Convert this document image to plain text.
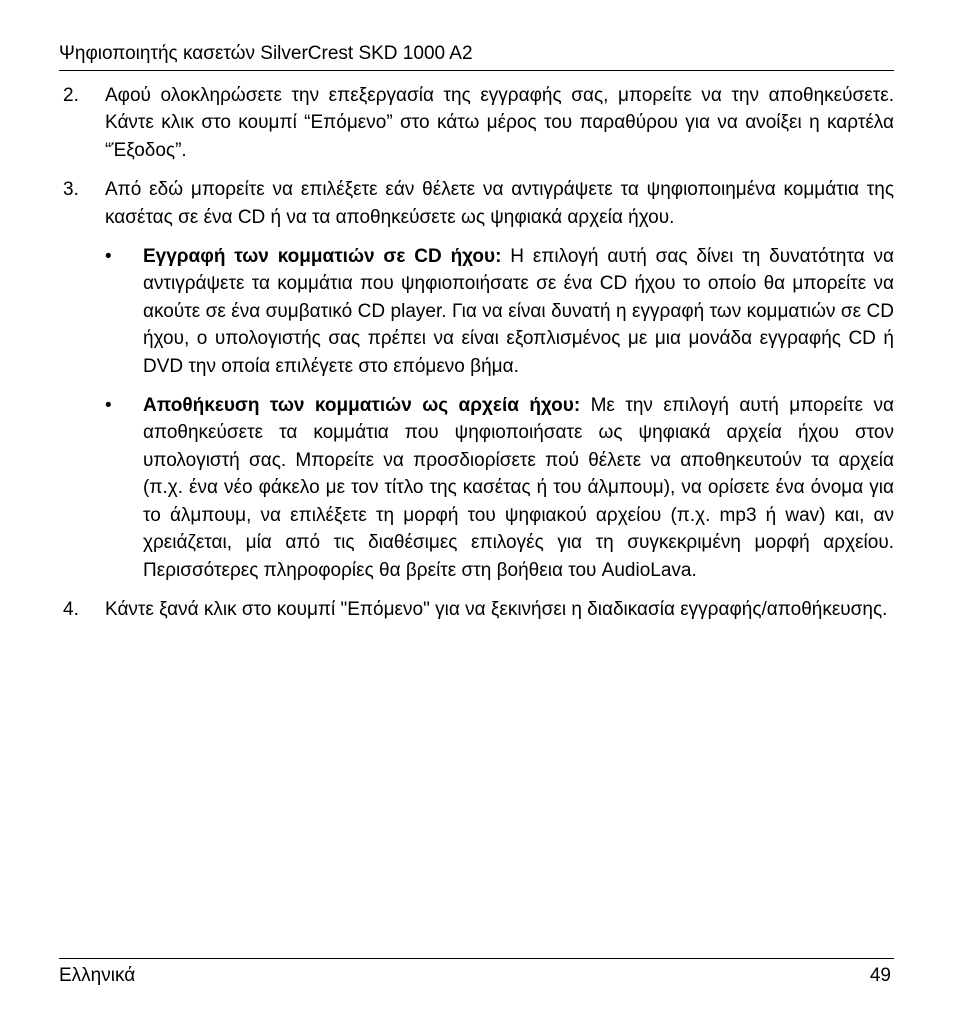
Ψηφιοποιητής κασετών SilverCrest SKD 1000 A2
2. Αφού ολοκληρώσετε την επεξεργασία της εγγραφής σας, μπορείτε να την αποθηκεύσετε. Κάντε κλικ στο κουμπί “Επόμενο” στο κάτω μέρος του παραθύρου για να ανοίξει η καρτέλα “Έξοδος”.

3. Από εδώ μπορείτε να επιλέξετε εάν θέλετε να αντιγράψετε τα ψηφιοποιημένα κομμάτια της κασέτας σε ένα CD ή να τα αποθηκεύσετε ως ψηφιακά αρχεία ήχου.

• Εγγραφή των κομματιών σε CD ήχου: Η επιλογή αυτή σας δίνει τη δυνατότητα να αντιγράψετε τα κομμάτια που ψηφιοποιήσατε σε ένα CD ήχου το οποίο θα μπορείτε να ακούτε σε ένα συμβατικό CD player. Για να είναι δυνατή η εγγραφή των κομματιών σε CD ήχου, ο υπολογιστής σας πρέπει να είναι εξοπλισμένος με μια μονάδα εγγραφής CD ή DVD την οποία επιλέγετε στο επόμενο βήμα.

• Αποθήκευση των κομματιών ως αρχεία ήχου: Με την επιλογή αυτή μπορείτε να αποθηκεύσετε τα κομμάτια που ψηφιοποιήσατε ως ψηφιακά αρχεία ήχου στον υπολογιστή σας. Μπορείτε να προσδιορίσετε πού θέλετε να αποθηκευτούν τα αρχεία (π.χ. ένα νέο φάκελο με τον τίτλο της κασέτας ή του άλμπουμ), να ορίσετε ένα όνομα για το άλμπουμ, να επιλέξετε τη μορφή του ψηφιακού αρχείου (π.χ. mp3 ή wav) και, αν χρειάζεται, μία από τις διαθέσιμες επιλογές για τη συγκεκριμένη μορφή αρχείου. Περισσότερες πληροφορίες θα βρείτε στη βοήθεια του AudioLava.

4. Κάντε ξανά κλικ στο κουμπί "Επόμενο" για να ξεκινήσει η διαδικασία εγγραφής/αποθήκευσης.

Ελληνικά	49
